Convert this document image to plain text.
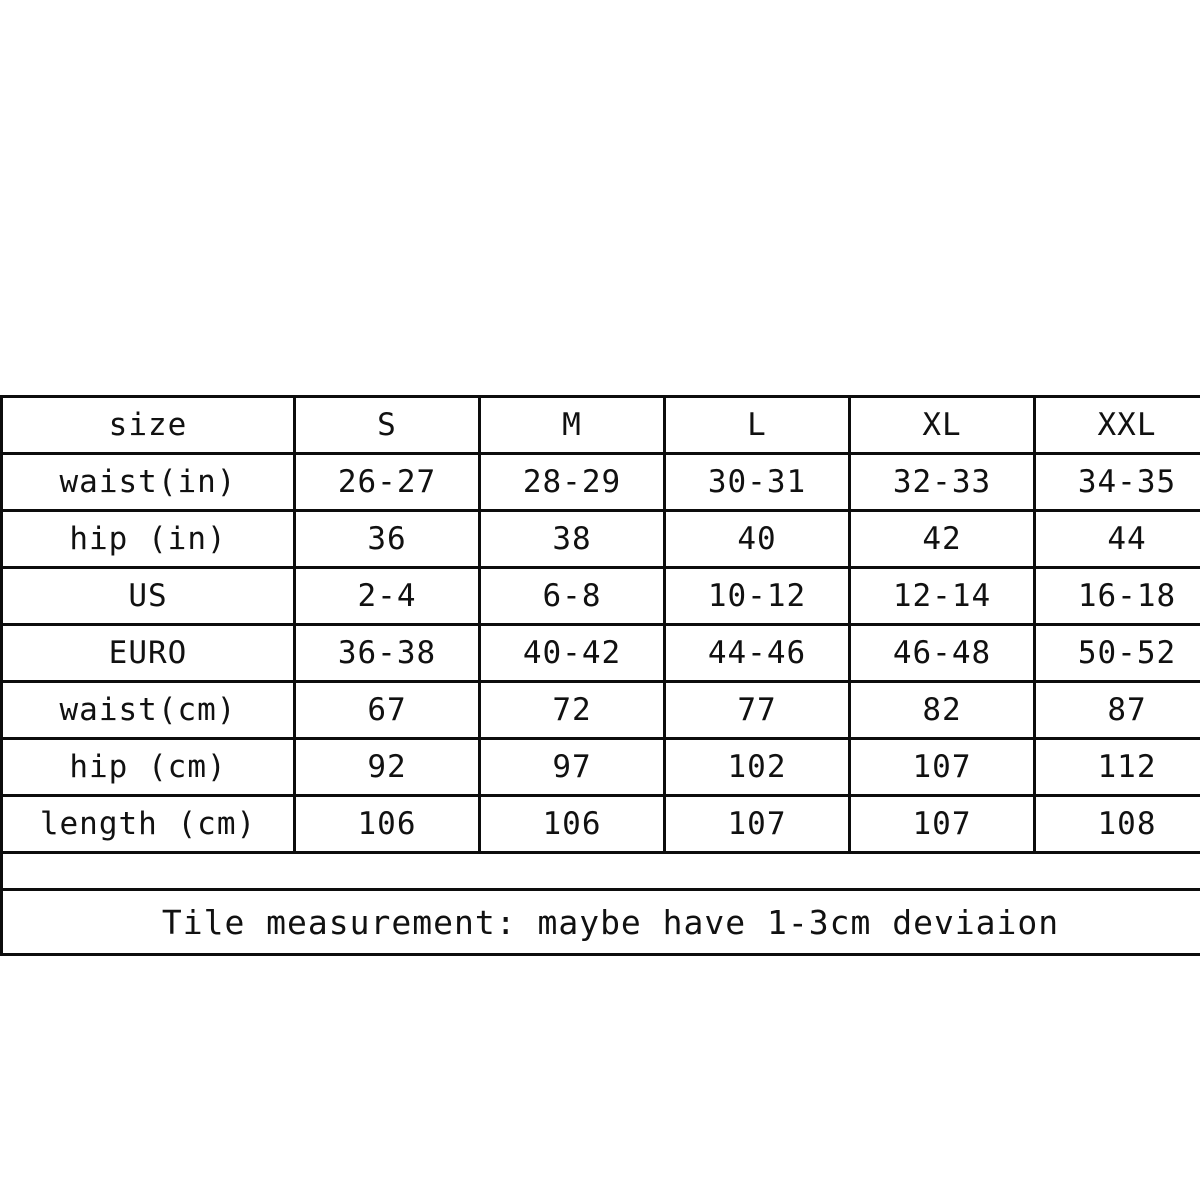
size	S	M	L	XL	XXL
waist(in)	26-27	28-29	30-31	32-33	34-35
hip (in)	36	38	40	42	44
US	2-4	6-8	10-12	12-14	16-18
EURO	36-38	40-42	44-46	46-48	50-52
waist(cm)	67	72	77	82	87
hip (cm)	92	97	102	107	112
length (cm)	106	106	107	107	108

Tile measurement: maybe have 1-3cm deviaion					
